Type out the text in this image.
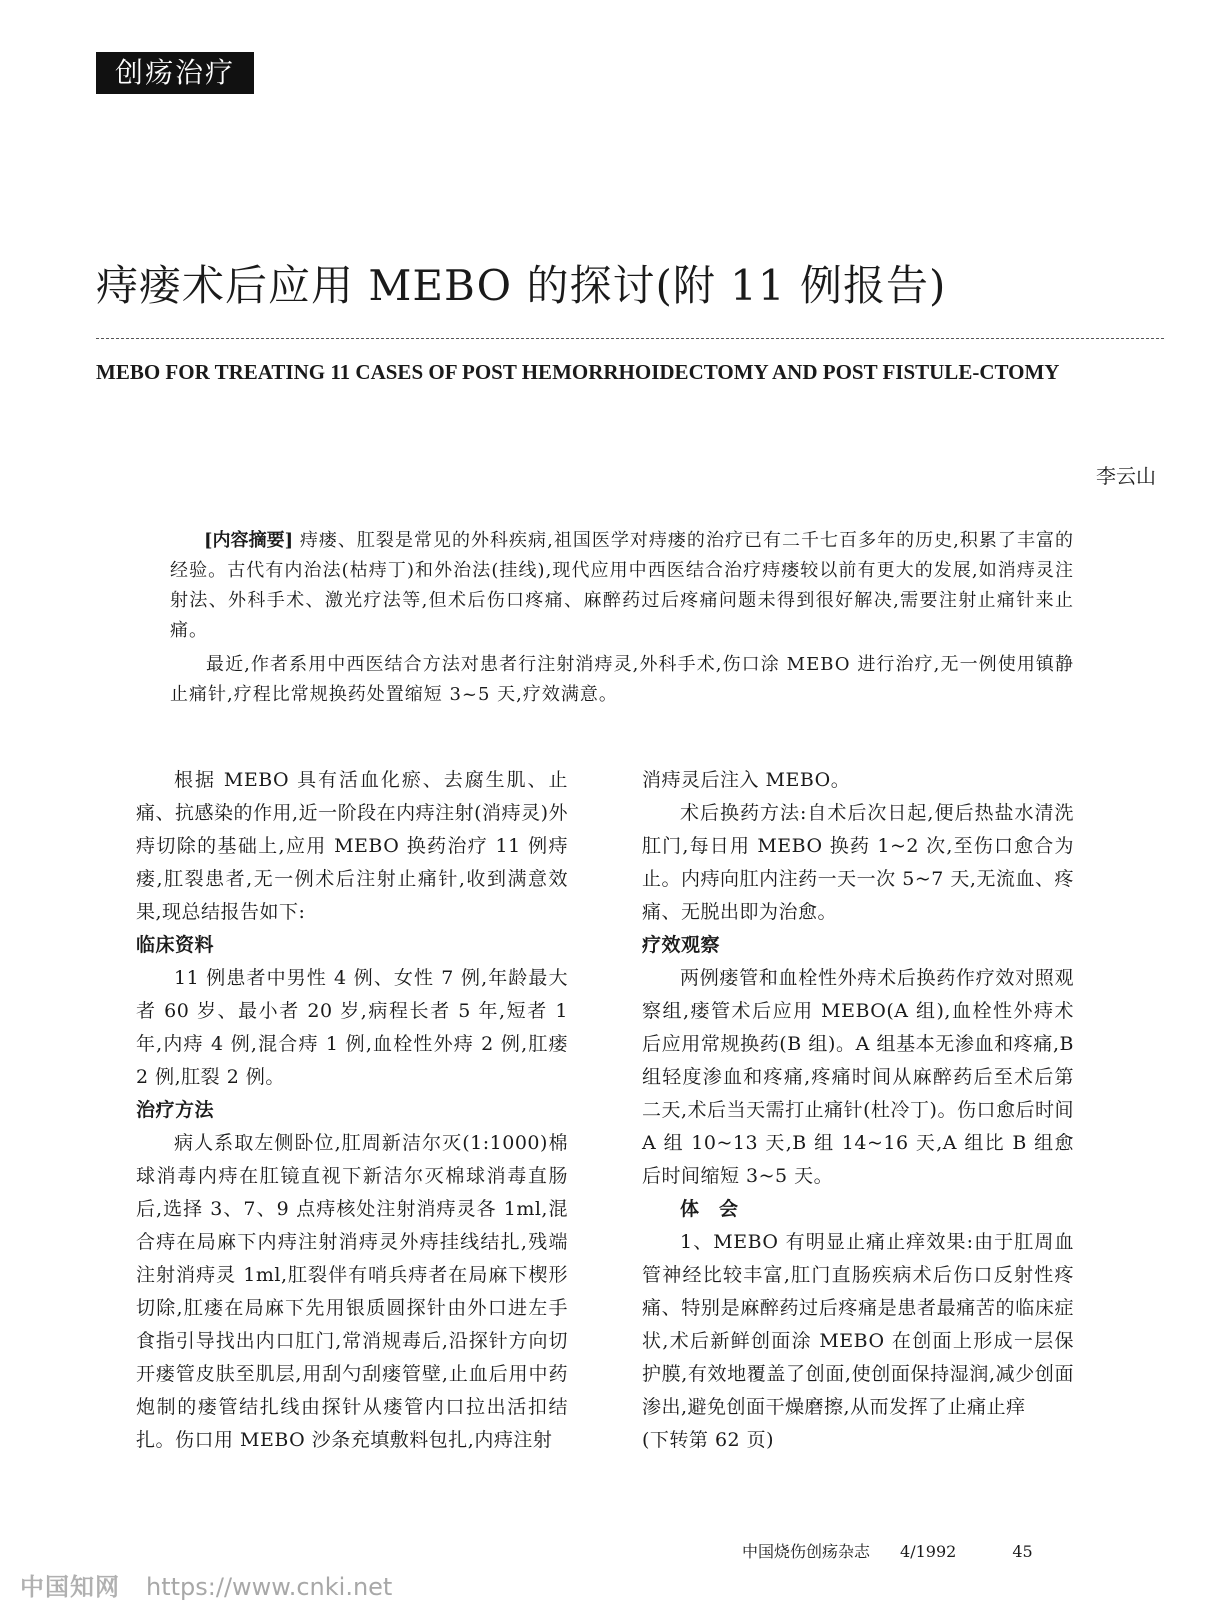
创疡治疗
痔瘘术后应用 MEBO 的探讨(附 11 例报告)
MEBO FOR TREATING 11 CASES OF POST HEMORRHOIDECTOMY AND POST FISTULE-CTOMY
李云山

[内容摘要] 痔瘘、肛裂是常见的外科疾病,祖国医学对痔瘘的治疗已有二千七百多年的历史,积累了丰富的经验。古代有内治法(枯痔丁)和外治法(挂线),现代应用中西医结合治疗痔瘘较以前有更大的发展,如消痔灵注射法、外科手术、激光疗法等,但术后伤口疼痛、麻醉药过后疼痛问题未得到很好解决,需要注射止痛针来止痛。

最近,作者系用中西医结合方法对患者行注射消痔灵,外科手术,伤口涂 MEBO 进行治疗,无一例使用镇静止痛针,疗程比常规换药处置缩短 3~5 天,疗效满意。

根据 MEBO 具有活血化瘀、去腐生肌、止痛、抗感染的作用,近一阶段在内痔注射(消痔灵)外痔切除的基础上,应用 MEBO 换药治疗 11 例痔瘘,肛裂患者,无一例术后注射止痛针,收到满意效果,现总结报告如下:

临床资料

11 例患者中男性 4 例、女性 7 例,年龄最大者 60 岁、最小者 20 岁,病程长者 5 年,短者 1 年,内痔 4 例,混合痔 1 例,血栓性外痔 2 例,肛瘘 2 例,肛裂 2 例。

治疗方法

病人系取左侧卧位,肛周新洁尔灭(1:1000)棉球消毒内痔在肛镜直视下新洁尔灭棉球消毒直肠后,选择 3、7、9 点痔核处注射消痔灵各 1ml,混合痔在局麻下内痔注射消痔灵外痔挂线结扎,残端注射消痔灵 1ml,肛裂伴有哨兵痔者在局麻下楔形切除,肛瘘在局麻下先用银质圆探针由外口进左手食指引导找出内口肛门,常消规毒后,沿探针方向切开瘘管皮肤至肌层,用刮勺刮瘘管壁,止血后用中药炮制的瘘管结扎线由探针从瘘管内口拉出活扣结扎。伤口用 MEBO 沙条充填敷料包扎,内痔注射

消痔灵后注入 MEBO。

术后换药方法:自术后次日起,便后热盐水清洗肛门,每日用 MEBO 换药 1~2 次,至伤口愈合为止。内痔向肛内注药一天一次 5~7 天,无流血、疼痛、无脱出即为治愈。

疗效观察

两例瘘管和血栓性外痔术后换药作疗效对照观察组,瘘管术后应用 MEBO(A 组),血栓性外痔术后应用常规换药(B 组)。A 组基本无渗血和疼痛,B 组轻度渗血和疼痛,疼痛时间从麻醉药后至术后第二天,术后当天需打止痛针(杜冷丁)。伤口愈后时间 A 组 10~13 天,B 组 14~16 天,A 组比 B 组愈后时间缩短 3~5 天。

体会

1、MEBO 有明显止痛止痒效果:由于肛周血管神经比较丰富,肛门直肠疾病术后伤口反射性疼痛、特别是麻醉药过后疼痛是患者最痛苦的临床症状,术后新鲜创面涂 MEBO 在创面上形成一层保护膜,有效地覆盖了创面,使创面保持湿润,减少创面渗出,避免创面干燥磨擦,从而发挥了止痛止痒

(下转第 62 页)

中国烧伤创疡杂志 4/1992	45
中国知网 https://www.cnki.net
